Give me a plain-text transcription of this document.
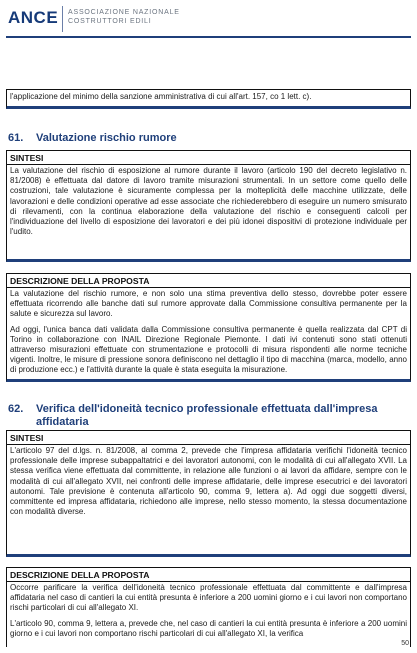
ANCE ASSOCIAZIONE NAZIONALE
COSTRUTTORI EDILI
l'applicazione del minimo della sanzione amministrativa di cui all'art. 157, co 1 lett. c).
61. Valutazione rischio rumore
SINTESI

La valutazione del rischio di esposizione al rumore durante il lavoro (articolo 190 del decreto legislativo n. 81/2008) è effettuata dal datore di lavoro tramite misurazioni strumentali. In un settore come quello delle costruzioni, tale valutazione è sicuramente complessa per la molteplicità delle macchine utilizzate, delle lavorazioni e delle condizioni operative ad esse associate che richiederebbero di eseguire un numero smisurato di rilevamenti, con la continua elaborazione della valutazione del rischio e conseguenti calcoli per l'individuazione del livello di esposizione dei lavoratori e dei più idonei dispositivi di protezione individuale per l'udito.

DESCRIZIONE DELLA PROPOSTA

La valutazione del rischio rumore, e non solo una stima preventiva dello stesso, dovrebbe poter essere effettuata ricorrendo alle banche dati sul rumore approvate dalla Commissione consultiva permanente per la salute e sicurezza sul lavoro.

Ad oggi, l'unica banca dati validata dalla Commissione consultiva permanente è quella realizzata dal CPT di Torino in collaborazione con INAIL Direzione Regionale Piemonte. I dati ivi contenuti sono stati ottenuti attraverso misurazioni effettuate con strumentazione e protocolli di misura rispondenti alle norme tecniche vigenti. Inoltre, le misure di pressione sonora definiscono nel dettaglio il tipo di macchina (marca, modello, anno di produzione ecc.) e l'attività durante la quale è stata eseguita la misurazione.

62. Verifica dell'idoneità tecnico professionale effettuata dall'impresa
affidataria
SINTESI

L'articolo 97 del d.lgs. n. 81/2008, al comma 2, prevede che l'impresa affidataria verifichi l'idoneità tecnico professionale delle imprese subappaltatrici e dei lavoratori autonomi, con le modalità di cui all'allegato XVII. La stessa verifica viene effettuata dal committente, in relazione alle funzioni o ai lavori da affidare, sempre con le modalità di cui all'allegato XVII, nei confronti delle imprese affidatarie, delle imprese esecutrici e dei lavoratori autonomi. Tale previsione è contenuta all'articolo 90, comma 9, lettera a). Ad oggi due soggetti diversi, committente ed impresa affidataria, richiedono alle imprese, nello stesso momento, la stessa documentazione con modalità diverse.

DESCRIZIONE DELLA PROPOSTA

Occorre parificare la verifica dell'idoneità tecnico professionale effettuata dal committente e dall'impresa affidataria nel caso di cantieri la cui entità presunta è inferiore a 200 uomini giorno e i cui lavori non comportano rischi particolari di cui all'allegato XI.

L'articolo 90, comma 9, lettera a, prevede che, nel caso di cantieri la cui entità presunta è inferiore a 200 uomini giorno e i cui lavori non comportano rischi particolari di cui all'allegato XI, la verifica

50
